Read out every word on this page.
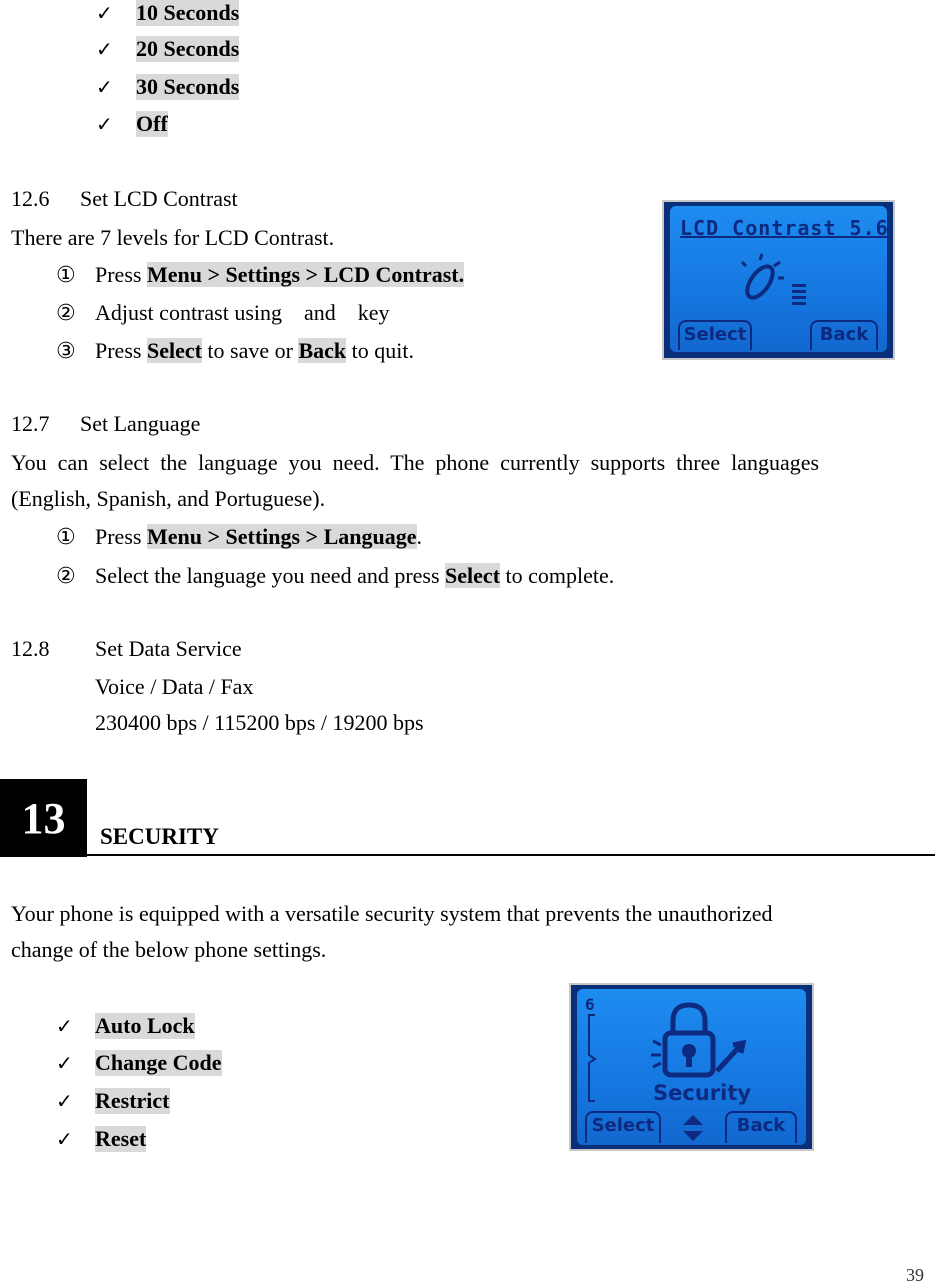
✓ 10 Seconds
✓ 20 Seconds
✓ 30 Seconds
✓ Off
12.6 Set LCD Contrast
There are 7 levels for LCD Contrast.
① Press Menu > Settings > LCD Contrast.
② Adjust contrast using    and    key
③ Press Select to save or Back to quit.
LCD Contrast 5.6
Select	Back
12.7 Set Language
You  can  select  the  language  you  need.  The  phone  currently  supports  three  languages
(English, Spanish, and Portuguese).
① Press Menu > Settings > Language.
② Select the language you need and press Select to complete.
12.8 Set Data Service
Voice / Data / Fax
230400 bps / 115200 bps / 19200 bps
13	SECURITY
Your phone is equipped with a versatile security system that prevents the unauthorized
change of the below phone settings.
✓ Auto Lock
✓ Change Code
✓ Restrict
✓ Reset
6
Security
Select	Back
39
